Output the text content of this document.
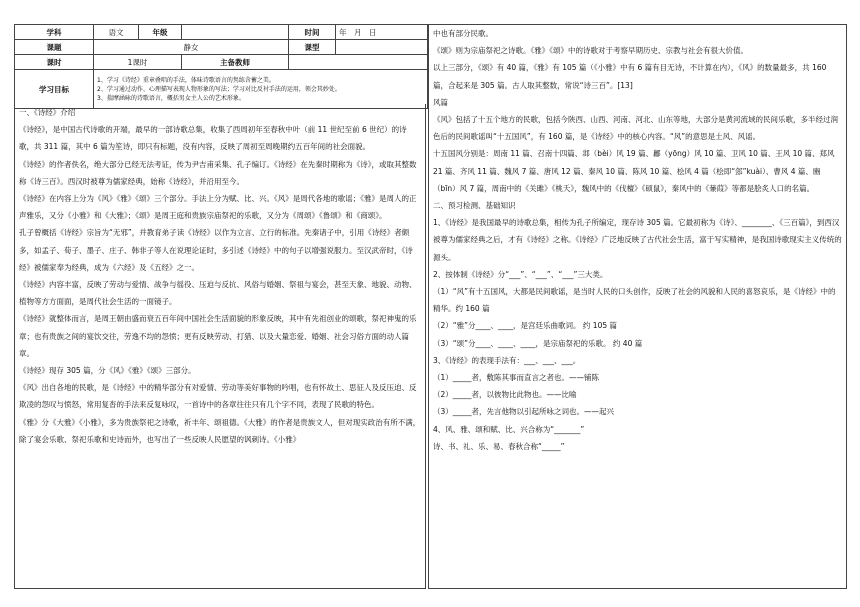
学科	语文	年级		时间	年　月　日
课题	静女			课型	
课时	1课时		主备教师		
学习目标	1、学习《诗经》重章叠唱的手法，体味诗歌语言的隽练含蓄之美。
2、学习通过动作、心理描写表现人物形象的写法；学习对比反衬手法的运用，领会其妙处。
3、揣摩涵咏的诗歌语言，概括男女主人公的艺术形象。				

一、《诗经》介绍

《诗经》，是中国古代诗歌的开端，最早的一部诗歌总集，收集了西周初年至春秋中叶（前 11 世纪至前 6 世纪）的诗歌，共 311 篇，其中 6 篇为笙诗，即只有标题，没有内容，反映了周初至周晚期约五百年间的社会面貌。

《诗经》的作者佚名，绝大部分已经无法考证，传为尹吉甫采集、孔子编订。《诗经》在先秦时期称为《诗》，或取其整数称《诗三百》。西汉时被尊为儒家经典，始称《诗经》，并沿用至今。

《诗经》在内容上分为《风》《雅》《颂》三个部分。手法上分为赋、比、兴。《风》是周代各地的歌谣；《雅》是周人的正声雅乐，又分《小雅》和《大雅》；《颂》是周王庭和贵族宗庙祭祀的乐歌，又分为《周颂》《鲁颂》和《商颂》。

孔子曾概括《诗经》宗旨为“无邪”，并教育弟子读《诗经》以作为立言、立行的标准。先秦诸子中，引用《诗经》者颇多，如孟子、荀子、墨子、庄子、韩非子等人在说理论证时，多引述《诗经》中的句子以增强说服力。至汉武帝时，《诗经》被儒家奉为经典，成为《六经》及《五经》之一。

《诗经》内容丰富，反映了劳动与爱情、战争与徭役、压迫与反抗、风俗与婚姻、祭祖与宴会，甚至天象、地貌、动物、植物等方方面面，是周代社会生活的一面镜子。

《诗经》就整体而言，是周王朝由盛而衰五百年间中国社会生活面貌的形象反映，其中有先祖创业的颂歌，祭祀神鬼的乐章；也有贵族之间的宴饮交往，劳逸不均的怨愤；更有反映劳动、打猎、以及大量恋爱、婚姻、社会习俗方面的动人篇章。

《诗经》现存 305 篇，分《风》《雅》《颂》三部分。

《风》出自各地的民歌，是《诗经》中的精华部分有对爱情、劳动等美好事物的吟唱，也有怀故土、思征人及反压迫、反欺凌的怨叹与愤怒，常用复沓的手法来反复咏叹，一首诗中的各章往往只有几个字不同，表现了民歌的特色。

《雅》分《大雅》《小雅》，多为贵族祭祀之诗歌，祈丰年、颂祖德。《大雅》的作者是贵族文人，但对现实政治有所不满，除了宴会乐歌、祭祀乐歌和史诗而外，也写出了一些反映人民愿望的讽刺诗。《小雅》

中也有部分民歌。

《颂》则为宗庙祭祀之诗歌。《雅》《颂》中的诗歌对于考察早期历史、宗教与社会有很大价值。

以上三部分，《颂》有 40 篇，《雅》有 105 篇（《小雅》中有 6 篇有目无诗，不计算在内），《风》的数量最多，共 160 篇，合起来是 305 篇。古人取其整数，常说“诗三百”。[13]

风篇

《风》包括了十五个地方的民歌，包括今陕西、山西、河南、河北、山东等地，大部分是黄河流域的民间乐歌，多半经过润色后的民间歌谣叫“十五国风”，有 160 篇，是《诗经》中的核心内容。“风”的意思是土风、风谣。

十五国风分别是：周南 11 篇、召南十四篇、邶（bèi）风 19 篇、鄘（yōng）风 10 篇、卫风 10 篇、王风 10 篇、郑风 21 篇、齐风 11 篇、魏风 7 篇、唐风 12 篇、秦风 10 篇、陈风 10 篇、桧风 4 篇（桧即“郐”kuài）、曹风 4 篇、豳（bīn）风 7 篇，周南中的《关雎》《桃夭》，魏风中的《伐檀》《硕鼠》，秦风中的《蒹葭》等都是脍炙人口的名篇。

二、预习检测、基础知识

1、《诗经》是我国最早的诗歌总集，相传为孔子所编定，现存诗 305 篇。它最初称为《诗》、________、《三百篇》，到西汉被尊为儒家经典之后，才有《诗经》之称。《诗经》广泛地反映了古代社会生活，富于写实精神，是我国诗歌现实主义传统的源头。

2、按体制《诗经》分“___”、“___”、“___”三大类。

（1）“风”有十五国风，大都是民间歌谣，是当时人民的口头创作，反映了社会的风貌和人民的喜怒哀乐，是《诗经》中的精华。约 160 篇

（2）“雅”分____、____，是宫廷乐曲歌词。 约 105 篇

（3）“颂”分____、____、____，是宗庙祭祀的乐歌。 约 40 篇

3、《诗经》的表现手法有：___、___、___。

（1）_____者，敷陈其事而直言之者也。——铺陈

（2）_____者，以彼物比此物也。——比喻

（3）_____者，先言他物以引起所咏之词也。——起兴

4、风、雅、颂和赋、比、兴合称为“_______”

诗、书、礼、乐、易、春秋合称“_____”
